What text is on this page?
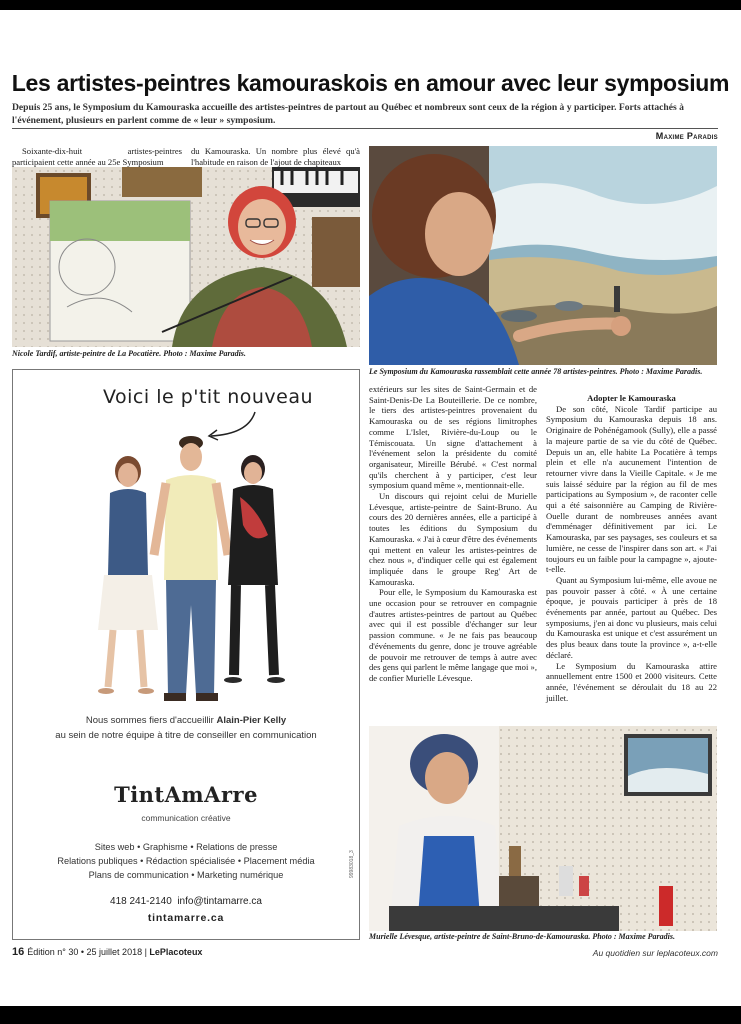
Les artistes-peintres kamouraskois en amour avec leur symposium

Depuis 25 ans, le Symposium du Kamouraska accueille des artistes-peintres de partout au Québec et nombreux sont ceux de la région à y participer. Forts attachés à l'événement, plusieurs en parlent comme de « leur » symposium.

Maxime Paradis

Soixante-dix-huit artistes-peintres participaient cette année au 25e Symposium

du Kamouraska. Un nombre plus élevé qu'à l'habitude en raison de l'ajout de chapiteaux

Nicole Tardif, artiste-peintre de La Pocatière. Photo : Maxime Paradis.
Le Symposium du Kamouraska rassemblait cette année 78 artistes-peintres. Photo : Maxime Paradis.
Voici le p'tit nouveau
Nous sommes fiers d'accueillir Alain-Pier Kelly
au sein de notre équipe à titre de conseiller en communication
TintAmArre
communication créative
Sites web • Graphisme • Relations de presse
Relations publiques • Rédaction spécialisée • Placement média
Plans de communication • Marketing numérique
418 241-2140 info@tintamarre.ca
tintamarre.ca
99983018_3

extérieurs sur les sites de Saint-Germain et de Saint-Denis-De La Bouteillerie. De ce nombre, le tiers des artistes-peintres provenaient du Kamouraska ou de ses régions limitrophes comme L'Islet, Rivière-du-Loup ou le Témiscouata. Un signe d'attachement à l'événement selon la présidente du comité organisateur, Mireille Bérubé. « C'est normal qu'ils cherchent à y participer, c'est leur symposium quand même », mentionnait-elle.

Un discours qui rejoint celui de Murielle Lévesque, artiste-peintre de Saint-Bruno. Au cours des 20 dernières années, elle a participé à toutes les éditions du Symposium du Kamouraska. « J'ai à cœur d'être des événements qui mettent en valeur les artistes-peintres de chez nous », d'indiquer celle qui est également impliquée dans le groupe Reg' Art de Kamouraska.

Pour elle, le Symposium du Kamouraska est une occasion pour se retrouver en compagnie d'autres artistes-peintres de partout au Québec avec qui il est possible d'échanger sur leur passion commune. « Je ne fais pas beaucoup d'événements du genre, donc je trouve agréable de pouvoir me retrouver de temps à autre avec des gens qui parlent le même langage que moi », de confier Murielle Lévesque.

Adopter le Kamouraska

De son côté, Nicole Tardif participe au Symposium du Kamouraska depuis 18 ans. Originaire de Pohénégamook (Sully), elle a passé la majeure partie de sa vie du côté de Québec. Depuis un an, elle habite La Pocatière à temps plein et elle n'a aucunement l'intention de retourner vivre dans la Vieille Capitale. « Je me suis laissé séduire par la région au fil de mes participations au Symposium », de raconter celle qui a été saisonnière au Camping de Rivière-Ouelle durant de nombreuses années avant d'emménager définitivement par ici. Le Kamouraska, par ses paysages, ses couleurs et sa lumière, ne cesse de l'inspirer dans son art. « J'ai toujours eu un faible pour la campagne », ajoute-t-elle.

Quant au Symposium lui-même, elle avoue ne pas pouvoir passer à côté. « À une certaine époque, je pouvais participer à près de 18 événements par année, partout au Québec. Des symposiums, j'en ai donc vu plusieurs, mais celui du Kamouraska est unique et c'est assurément un des plus beaux dans toute la province », a-t-elle déclaré.

Le Symposium du Kamouraska attire annuellement entre 1500 et 2000 visiteurs. Cette année, l'événement se déroulait du 18 au 22 juillet.

Murielle Lévesque, artiste-peintre de Saint-Bruno-de-Kamouraska. Photo : Maxime Paradis.
16 Édition n° 30 • 25 juillet 2018 | LePlacoteux	Au quotidien sur leplacoteux.com
